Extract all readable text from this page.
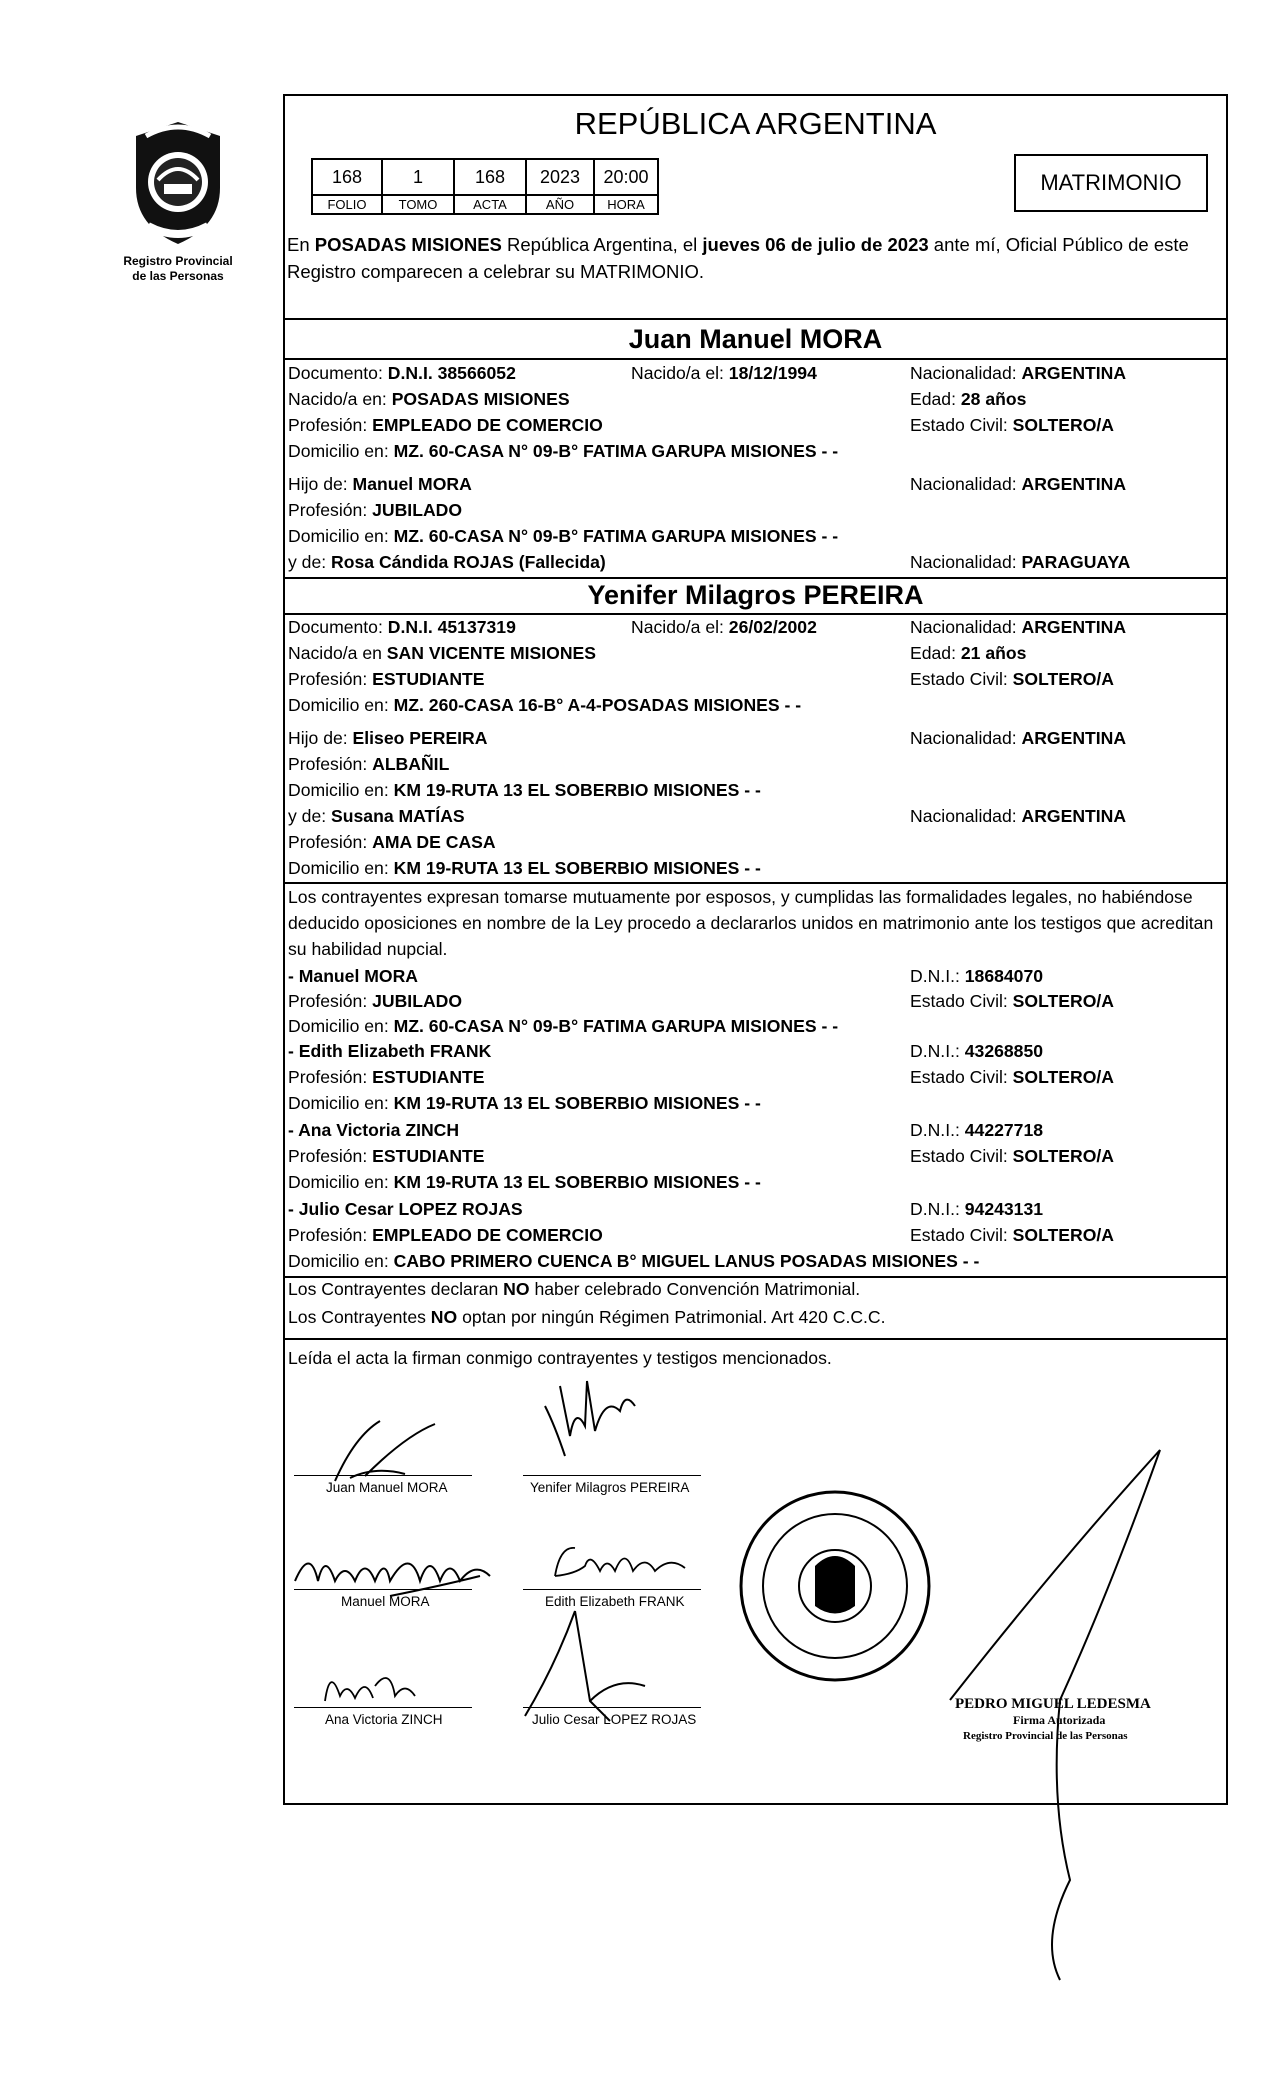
Registro Provincial
de las Personas
REPÚBLICA ARGENTINA
168	1	168	2023	20:00
FOLIO	TOMO	ACTA	AÑO	HORA
MATRIMONIO
En POSADAS MISIONES República Argentina, el jueves 06 de julio de 2023 ante mí, Oficial Público de este Registro comparecen a celebrar su MATRIMONIO.
Juan Manuel MORA
Documento: D.N.I. 38566052	Nacido/a el: 18/12/1994	Nacionalidad: ARGENTINA
Nacido/a en: POSADAS MISIONES	Edad: 28 años
Profesión: EMPLEADO DE COMERCIO	Estado Civil: SOLTERO/A
Domicilio en: MZ. 60-CASA N° 09-B° FATIMA GARUPA MISIONES - -
Hijo de: Manuel MORA	Nacionalidad: ARGENTINA
Profesión: JUBILADO
Domicilio en: MZ. 60-CASA N° 09-B° FATIMA GARUPA MISIONES - -
y de: Rosa Cándida ROJAS (Fallecida)	Nacionalidad: PARAGUAYA
Yenifer Milagros PEREIRA
Documento: D.N.I. 45137319	Nacido/a el: 26/02/2002	Nacionalidad: ARGENTINA
Nacido/a en SAN VICENTE MISIONES	Edad: 21 años
Profesión: ESTUDIANTE	Estado Civil: SOLTERO/A
Domicilio en: MZ. 260-CASA 16-B° A-4-POSADAS MISIONES - -
Hijo de: Eliseo PEREIRA	Nacionalidad: ARGENTINA
Profesión: ALBAÑIL
Domicilio en: KM 19-RUTA 13 EL SOBERBIO MISIONES - -
y de: Susana MATÍAS	Nacionalidad: ARGENTINA
Profesión: AMA DE CASA
Domicilio en: KM 19-RUTA 13 EL SOBERBIO MISIONES - -
Los contrayentes expresan tomarse mutuamente por esposos, y cumplidas las formalidades legales, no habiéndose deducido oposiciones en nombre de la Ley procedo a declararlos unidos en matrimonio ante los testigos que acreditan su habilidad nupcial.
- Manuel MORA	D.N.I.: 18684070
Profesión: JUBILADO	Estado Civil: SOLTERO/A
Domicilio en: MZ. 60-CASA N° 09-B° FATIMA GARUPA MISIONES - -
- Edith Elizabeth FRANK	D.N.I.: 43268850
Profesión: ESTUDIANTE	Estado Civil: SOLTERO/A
Domicilio en: KM 19-RUTA 13 EL SOBERBIO MISIONES - -
- Ana Victoria ZINCH	D.N.I.: 44227718
Profesión: ESTUDIANTE	Estado Civil: SOLTERO/A
Domicilio en: KM 19-RUTA 13 EL SOBERBIO MISIONES - -
- Julio Cesar LOPEZ ROJAS	D.N.I.: 94243131
Profesión: EMPLEADO DE COMERCIO	Estado Civil: SOLTERO/A
Domicilio en: CABO PRIMERO CUENCA B° MIGUEL LANUS POSADAS MISIONES - -
Los Contrayentes declaran NO haber celebrado Convención Matrimonial.
Los Contrayentes NO optan por ningún Régimen Patrimonial. Art 420 C.C.C.
Leída el acta la firman conmigo contrayentes y testigos mencionados.
Juan Manuel MORA	Yenifer Milagros PEREIRA
Manuel MORA	Edith Elizabeth FRANK
Ana Victoria ZINCH	Julio Cesar LOPEZ ROJAS
PEDRO MIGUEL LEDESMA
Firma Autorizada
Registro Provincial de las Personas
